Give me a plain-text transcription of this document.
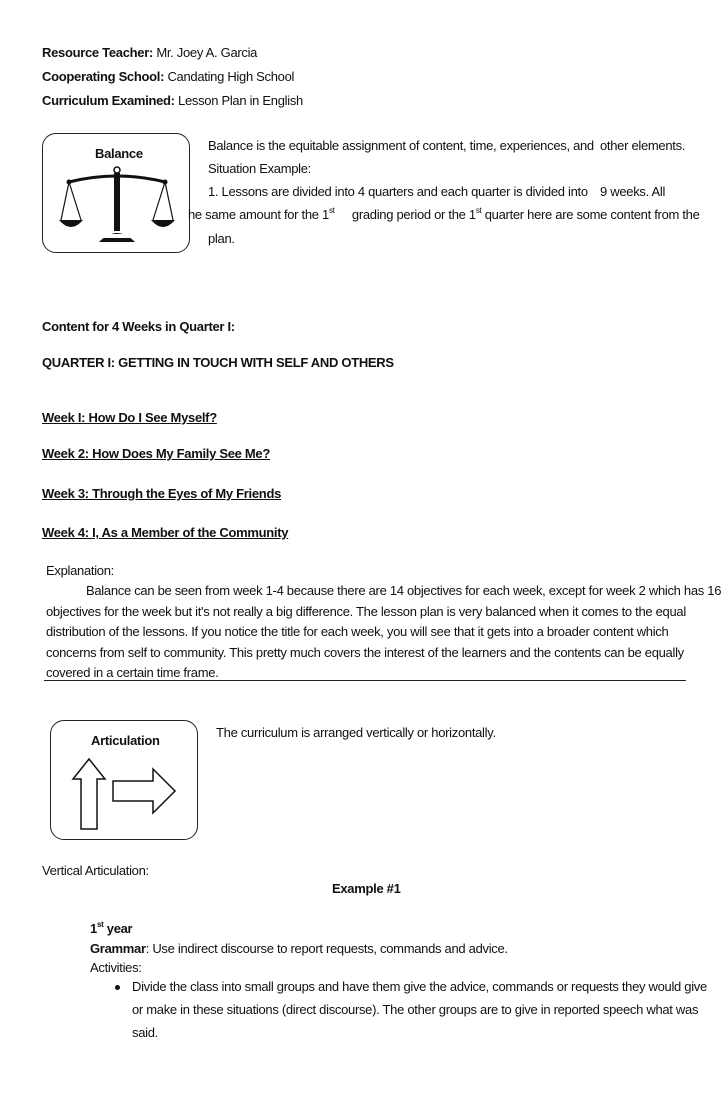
Resource Teacher: Mr. Joey A. Garcia
Cooperating School: Candating High School
Curriculum Examined: Lesson Plan in English
Balance
Balance is the equitable assignment of content, time, experiences, and other elements.
Situation Example:
1. Lessons are divided into 4 quarters and each quarter is divided into 9 weeks. All
he same amount for the 1st grading period or the 1st quarter here are some content from the
plan.
Content for 4 Weeks in Quarter I:
QUARTER I: GETTING IN TOUCH WITH SELF AND OTHERS
Week I: How Do I See Myself?
Week 2: How Does My Family See Me?
Week 3: Through the Eyes of My Friends
Week 4: I, As a Member of the Community
Explanation:
Balance can be seen from week 1-4 because there are 14 objectives for each week, except for week 2 which has 16
objectives for the week but it's not really a big difference. The lesson plan is very balanced when it comes to the equal
distribution of the lessons. If you notice the title for each week, you will see that it gets into a broader content which
concerns from self to community. This pretty much covers the interest of the learners and the contents can be equally
covered in a certain time frame.
Articulation
The curriculum is arranged vertically or horizontally.
Vertical Articulation:
Example #1
1st year
Grammar: Use indirect discourse to report requests, commands and advice.
Activities:
Divide the class into small groups and have them give the advice, commands or requests they would give
or make in these situations (direct discourse). The other groups are to give in reported speech what was
said.
